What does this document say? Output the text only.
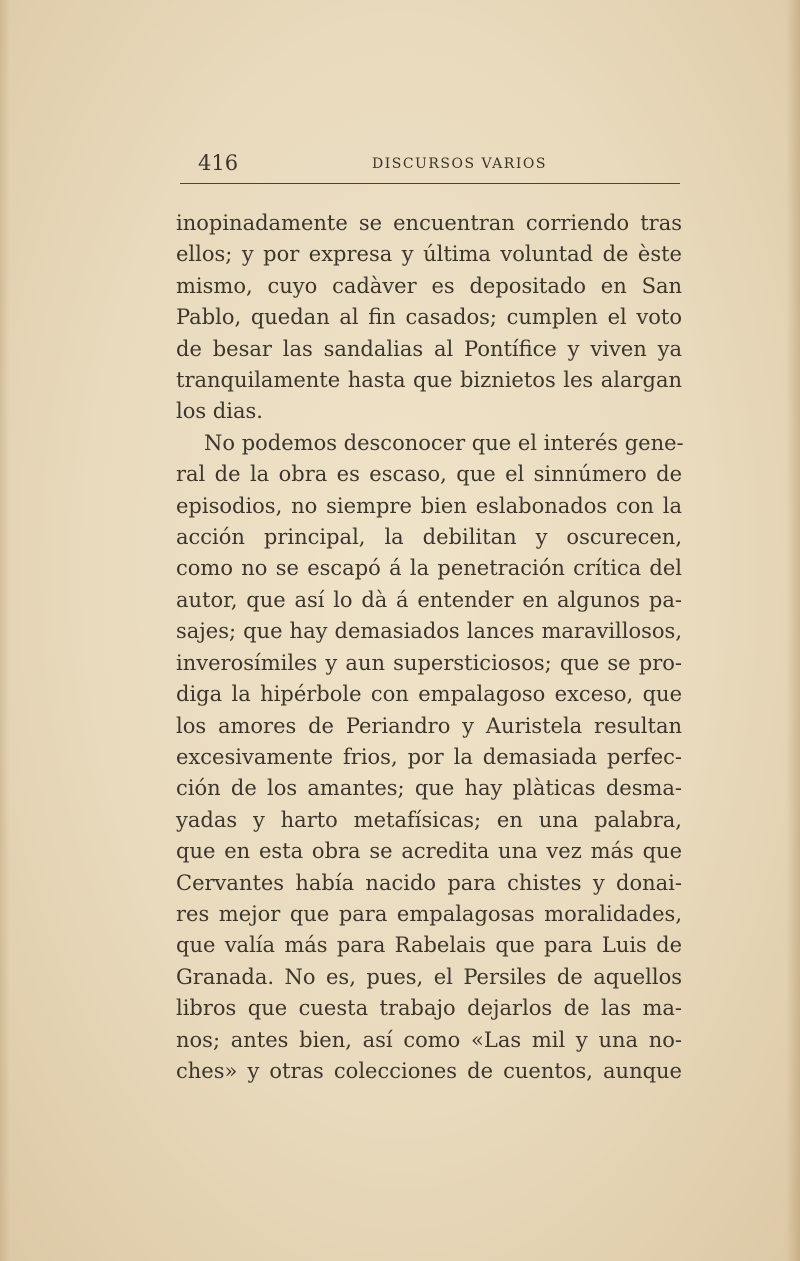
416	DISCURSOS VARIOS
inopinadamente se encuentran corriendo tras
ellos; y por expresa y última voluntad de èste
mismo, cuyo cadàver es depositado en San
Pablo, quedan al fin casados; cumplen el voto
de besar las sandalias al Pontífice y viven ya
tranquilamente hasta que biznietos les alargan
los dias.
No podemos desconocer que el interés gene-
ral de la obra es escaso, que el sinnúmero de
episodios, no siempre bien eslabonados con la
acción principal, la debilitan y oscurecen,
como no se escapó á la penetración crítica del
autor, que así lo dà á entender en algunos pa-
sajes; que hay demasiados lances maravillosos,
inverosímiles y aun supersticiosos; que se pro-
diga la hipérbole con empalagoso exceso, que
los amores de Periandro y Auristela resultan
excesivamente frios, por la demasiada perfec-
ción de los amantes; que hay plàticas desma-
yadas y harto metafísicas; en una palabra,
que en esta obra se acredita una vez más que
Cervantes había nacido para chistes y donai-
res mejor que para empalagosas moralidades,
que valía más para Rabelais que para Luis de
Granada. No es, pues, el Persiles de aquellos
libros que cuesta trabajo dejarlos de las ma-
nos; antes bien, así como «Las mil y una no-
ches» y otras colecciones de cuentos, aunque
